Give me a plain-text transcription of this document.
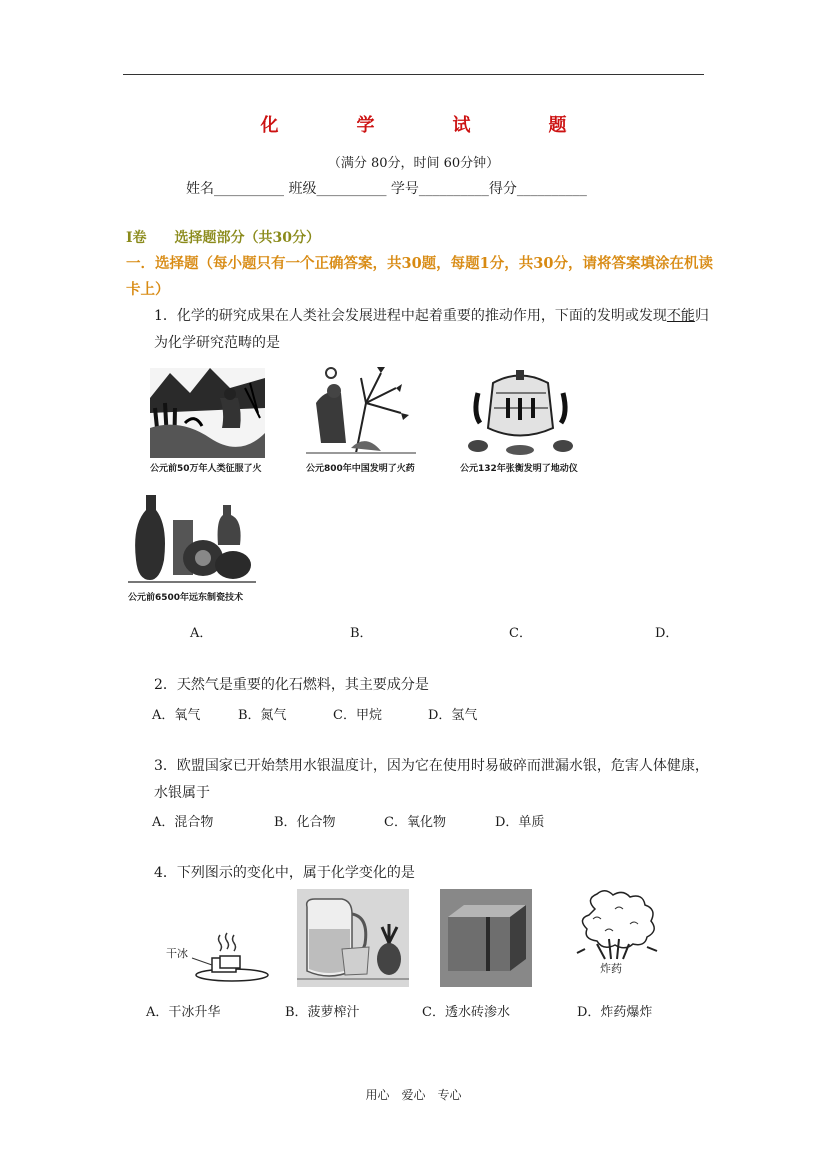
化　学　试　题
（满分 80分，时间 60分钟）
姓名__________ 班级__________ 学号__________得分__________
I卷　　选择题部分（共30分）
一．选择题（每小题只有一个正确答案，共30题，每题1分，共30分，请将答案填涂在机读卡上）
1．化学的研究成果在人类社会发展进程中起着重要的推动作用，下面的发明或发现不能归为化学研究范畴的是
公元前50万年人类征服了火	公元800年中国发明了火药	公元132年张衡发明了地动仪
公元前6500年远东制瓷技术
A．	B．	C．	D．
2．天然气是重要的化石燃料，其主要成分是
A．氧气	B．氮气	C．甲烷	D．氢气
3．欧盟国家已开始禁用水银温度计，因为它在使用时易破碎而泄漏水银，危害人体健康，水银属于
A．混合物	B．化合物	C．氧化物	D．单质
4．下列图示的变化中，属于化学变化的是
干冰
炸药
A．干冰升华	B．菠萝榨汁	C．透水砖渗水	D．炸药爆炸
用心　爱心　专心
